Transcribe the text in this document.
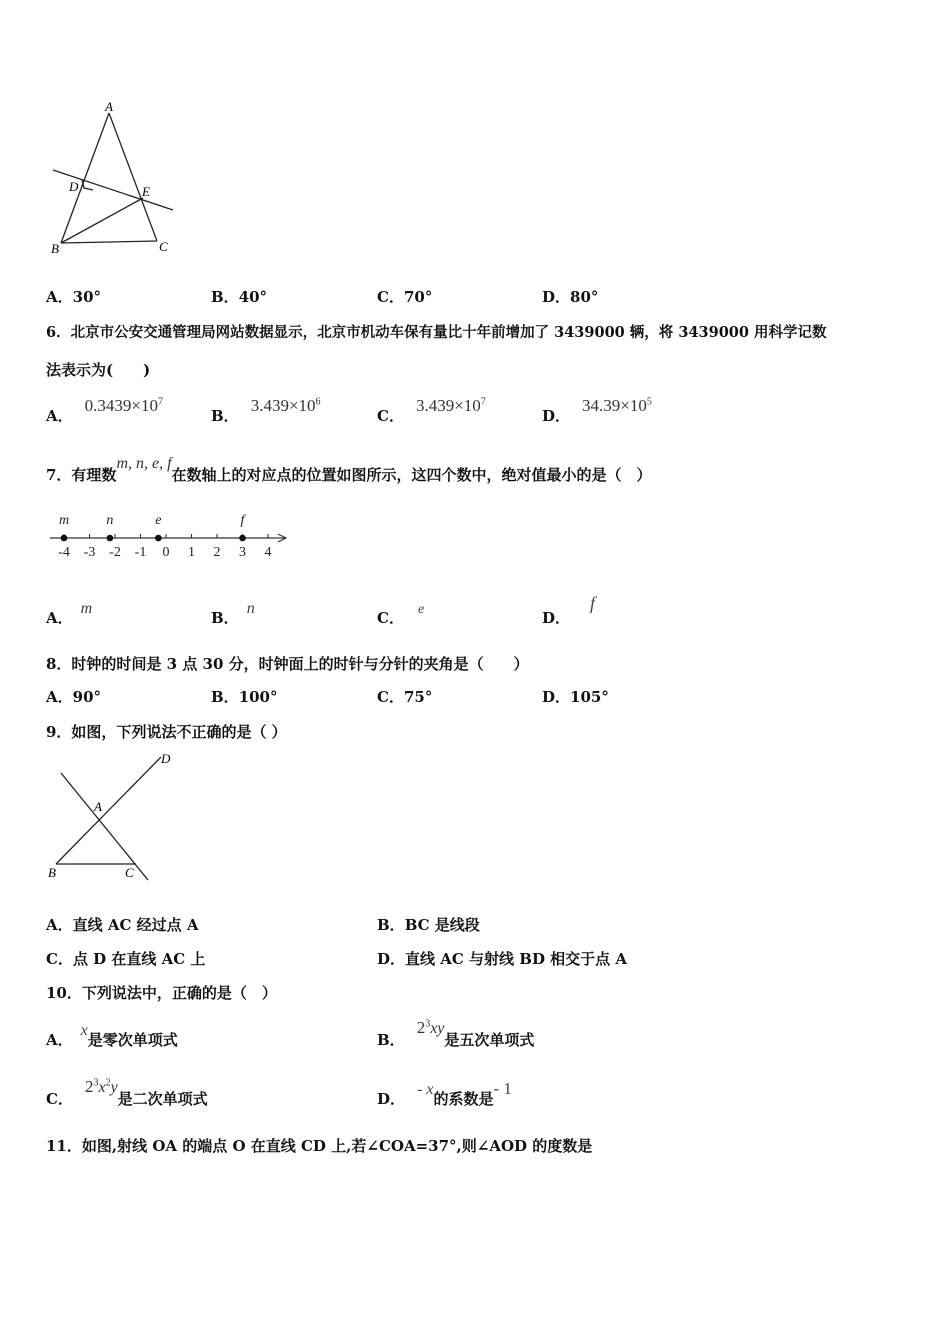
A
D	E
B	C
A．30°	B．40°	C．70°	D．80°
6．北京市公安交通管理局网站数据显示，北京市机动车保有量比十年前增加了 3439000 辆，将 3439000 用科学记数
法表示为(　　)
A．$0.3439\times 10^7$
B．$3.439\times 10^6$
C．$3.439\times 10^7$
D．$34.39\times 10^5$
7．有理数m, n, e, f在数轴上的对应点的位置如图所示，这四个数中，绝对值最小的是（　）
-4 -3 -2 -1 0 1 2 3 4
m	n	e	f
A．m
B．n
C． e	D．f
8．时钟的时间是 3 点 30 分，时钟面上的时针与分针的夹角是（　　）
A．90°	B．100°	C．75°	D．105°
9．如图，下列说法不正确的是（ ）
D
A
B	C
A．直线 AC 经过点 A	B．BC 是线段
C．点 D 在直线 AC 上	D．直线 AC 与射线 BD 相交于点 A
10．下列说法中，正确的是（　）
A．x是零次单项式	B．$2^3xy$是五次单项式
C．$2^3x^2y$是二次单项式	D．- x的系数是- 1
11．如图,射线 OA 的端点 O 在直线 CD 上,若∠COA=37°,则∠AOD 的度数是
